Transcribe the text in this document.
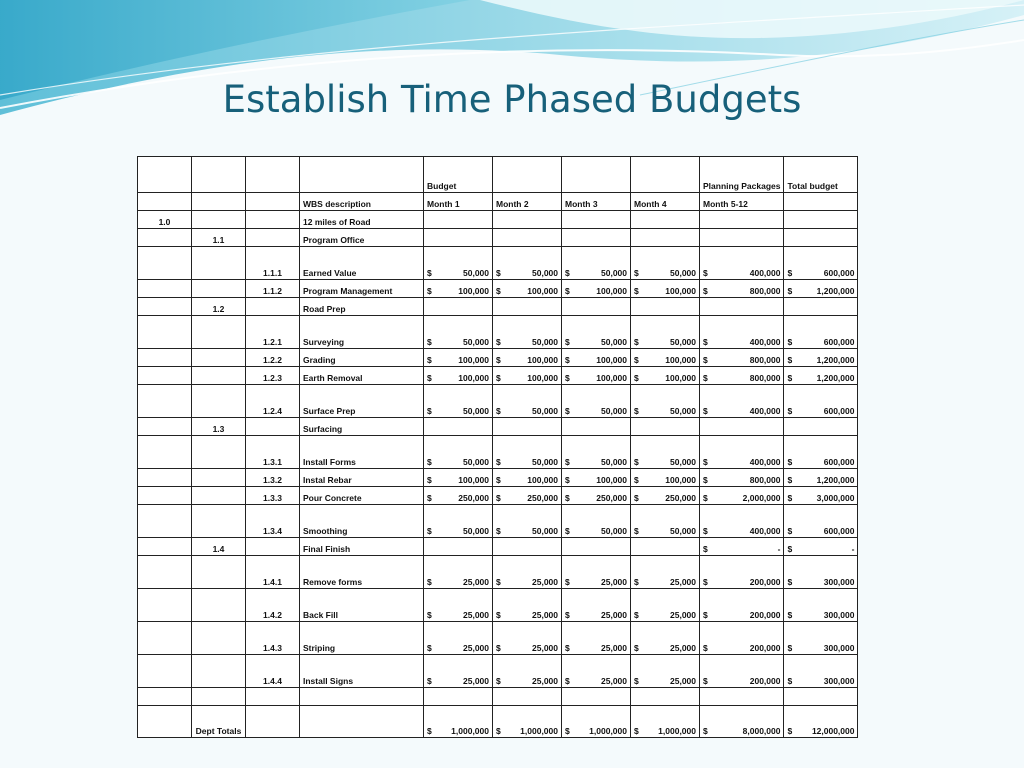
Establish Time Phased Budgets
				Budget				Planning Packages	Total budget
			WBS description	Month 1	Month 2	Month 3	Month 4	Month 5-12	
1.0			12 miles of Road						
	1.1		Program Office						
		1.1.1	Earned Value	$ 50,000	$ 50,000	$ 50,000	$ 50,000	$ 400,000	$ 600,000

		1.1.2	Program Management	$ 100,000	$ 100,000	$ 100,000	$ 100,000	$ 800,000	$ 1,200,000

	1.2		Road Prep						
		1.2.1	Surveying	$ 50,000	$ 50,000	$ 50,000	$ 50,000	$ 400,000	$ 600,000

		1.2.2	Grading	$ 100,000	$ 100,000	$ 100,000	$ 100,000	$ 800,000	$ 1,200,000

		1.2.3	Earth Removal	$ 100,000	$ 100,000	$ 100,000	$ 100,000	$ 800,000	$ 1,200,000

		1.2.4	Surface Prep	$ 50,000	$ 50,000	$ 50,000	$ 50,000	$ 400,000	$ 600,000

	1.3		Surfacing						
		1.3.1	Install Forms	$ 50,000	$ 50,000	$ 50,000	$ 50,000	$ 400,000	$ 600,000

		1.3.2	Instal Rebar	$ 100,000	$ 100,000	$ 100,000	$ 100,000	$ 800,000	$ 1,200,000

		1.3.3	Pour Concrete	$ 250,000	$ 250,000	$ 250,000	$ 250,000	$ 2,000,000	$ 3,000,000

		1.3.4	Smoothing	$ 50,000	$ 50,000	$ 50,000	$ 50,000	$ 400,000	$ 600,000

	1.4		Final Finish					$ -	$ -

		1.4.1	Remove forms	$ 25,000	$ 25,000	$ 25,000	$ 25,000	$ 200,000	$ 300,000

		1.4.2	Back Fill	$ 25,000	$ 25,000	$ 25,000	$ 25,000	$ 200,000	$ 300,000

		1.4.3	Striping	$ 25,000	$ 25,000	$ 25,000	$ 25,000	$ 200,000	$ 300,000

		1.4.4	Install Signs	$ 25,000	$ 25,000	$ 25,000	$ 25,000	$ 200,000	$ 300,000

	Dept Totals			$ 1,000,000	$ 1,000,000	$ 1,000,000	$ 1,000,000	$ 8,000,000	$ 12,000,000
